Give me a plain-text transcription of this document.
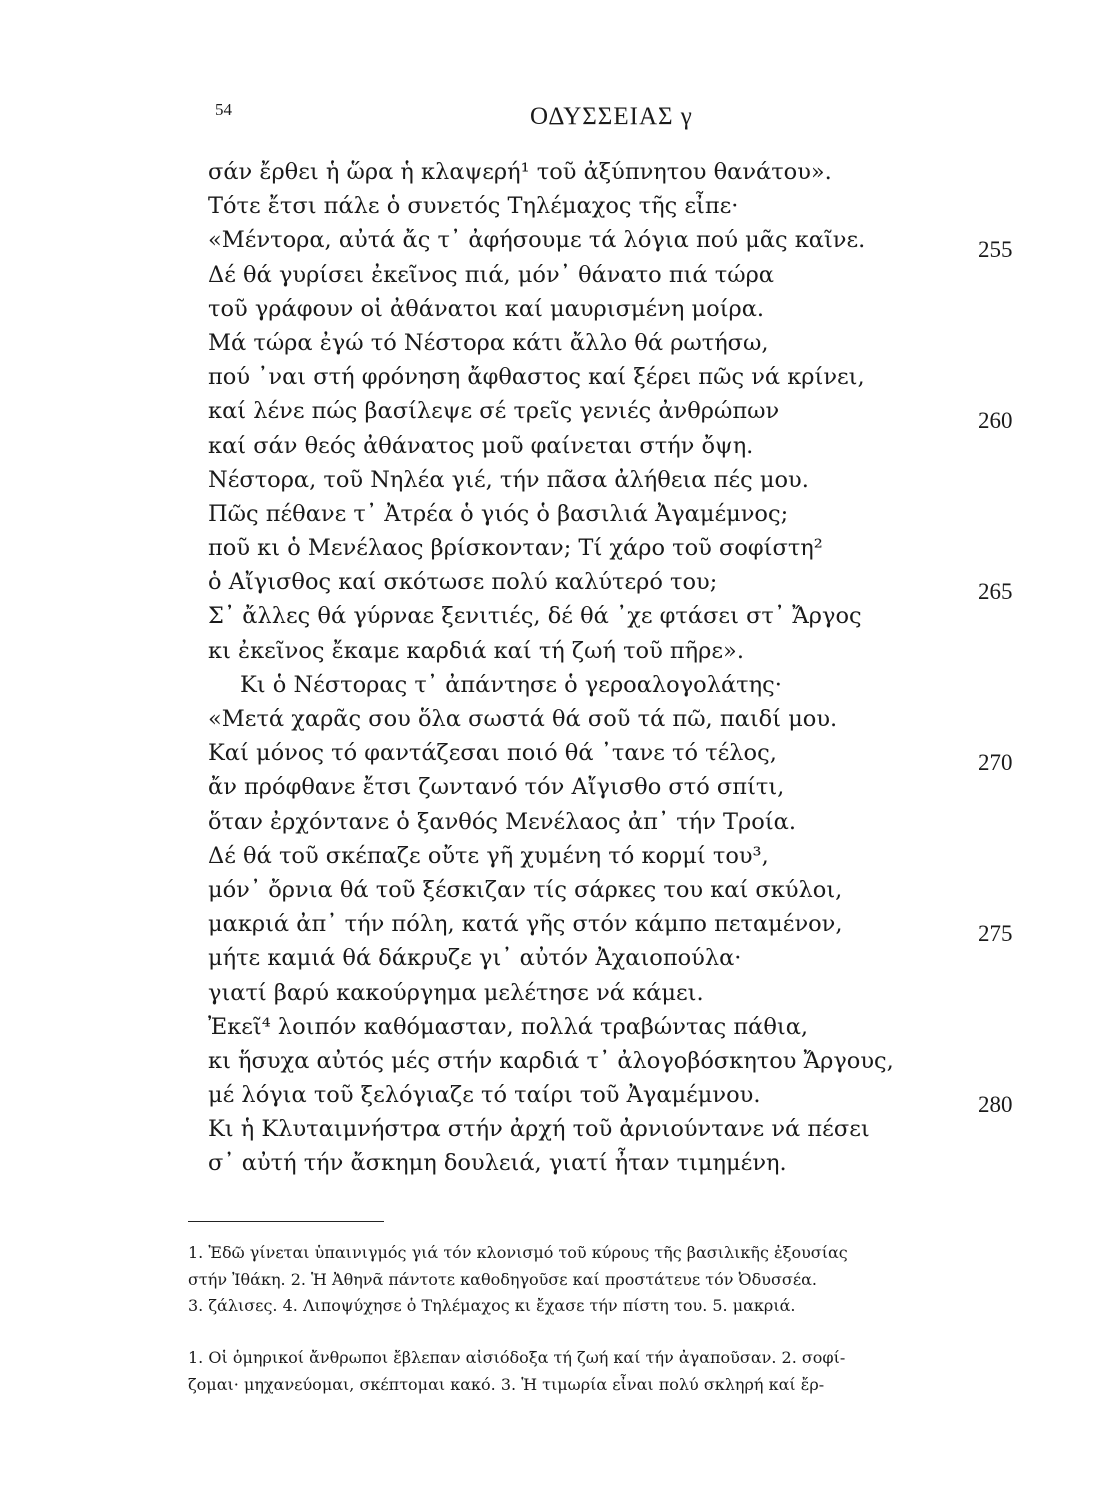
54	ΟΔΥΣΣΕΙΑΣ γ
σάν ἔρθει ἡ ὥρα ἡ κλαψερή¹ τοῦ ἀξύπνητου θανάτου».
Τότε ἔτσι πάλε ὁ συνετός Τηλέμαχος τῆς εἶπε·
«Μέντορα, αὐτά ἄς τ᾽ ἀφήσουμε τά λόγια πού μᾶς καῖνε.	255
Δέ θά γυρίσει ἐκεῖνος πιά, μόν᾽ θάνατο πιά τώρα
τοῦ γράφουν οἱ ἀθάνατοι καί μαυρισμένη μοίρα.
Μά τώρα ἐγώ τό Νέστορα κάτι ἄλλο θά ρωτήσω,
πού ᾽ναι στή φρόνηση ἄφθαστος καί ξέρει πῶς νά κρίνει,
καί λένε πώς βασίλεψε σέ τρεῖς γενιές ἀνθρώπων	260
καί σάν θεός ἀθάνατος μοῦ φαίνεται στήν ὄψη.
Νέστορα, τοῦ Νηλέα γιέ, τήν πᾶσα ἀλήθεια πές μου.
Πῶς πέθανε τ᾽ Ἀτρέα ὁ γιός ὁ βασιλιά Ἀγαμέμνος;
ποῦ κι ὁ Μενέλαος βρίσκονταν; Τί χάρο τοῦ σοφίστη²
ὁ Αἴγισθος καί σκότωσε πολύ καλύτερό του;	265
Σ᾽ ἄλλες θά γύρναε ξενιτιές, δέ θά ᾽χε φτάσει στ᾽ Ἄργος
κι ἐκεῖνος ἔκαμε καρδιά καί τή ζωή τοῦ πῆρε».
Κι ὁ Νέστορας τ᾽ ἀπάντησε ὁ γεροαλογολάτης·
«Μετά χαρᾶς σου ὅλα σωστά θά σοῦ τά πῶ, παιδί μου.
Καί μόνος τό φαντάζεσαι ποιό θά ᾽τανε τό τέλος,	270
ἄν πρόφθανε ἔτσι ζωντανό τόν Αἴγισθο στό σπίτι,
ὅταν ἐρχόντανε ὁ ξανθός Μενέλαος ἀπ᾽ τήν Τροία.
Δέ θά τοῦ σκέπαζε οὔτε γῆ χυμένη τό κορμί του³,
μόν᾽ ὄρνια θά τοῦ ξέσκιζαν τίς σάρκες του καί σκύλοι,
μακριά ἀπ᾽ τήν πόλη, κατά γῆς στόν κάμπο πεταμένον,	275
μήτε καμιά θά δάκρυζε γι᾽ αὐτόν Ἀχαιοπούλα·
γιατί βαρύ κακούργημα μελέτησε νά κάμει.
Ἐκεῖ⁴ λοιπόν καθόμασταν, πολλά τραβώντας πάθια,
κι ἥσυχα αὐτός μές στήν καρδιά τ᾽ ἀλογοβόσκητου Ἄργους,
μέ λόγια τοῦ ξελόγιαζε τό ταίρι τοῦ Ἀγαμέμνου.	280
Κι ἡ Κλυταιμνήστρα στήν ἀρχή τοῦ ἀρνιούντανε νά πέσει
σ᾽ αὐτή τήν ἄσκημη δουλειά, γιατί ἦταν τιμημένη.
1. Ἐδῶ γίνεται ὑπαινιγμός γιά τόν κλονισμό τοῦ κύρους τῆς βασιλικῆς ἐξουσίας
στήν Ἰθάκη. 2. Ἡ Ἀθηνᾶ πάντοτε καθοδηγοῦσε καί προστάτευε τόν Ὀδυσσέα.
3. ζάλισες. 4. Λιποψύχησε ὁ Τηλέμαχος κι ἔχασε τήν πίστη του. 5. μακριά.
1. Οἱ ὁμηρικοί ἄνθρωποι ἔβλεπαν αἰσιόδοξα τή ζωή καί τήν ἀγαποῦσαν. 2. σοφί-
ζομαι· μηχανεύομαι, σκέπτομαι κακό. 3. Ἡ τιμωρία εἶναι πολύ σκληρή καί ἔρ-
